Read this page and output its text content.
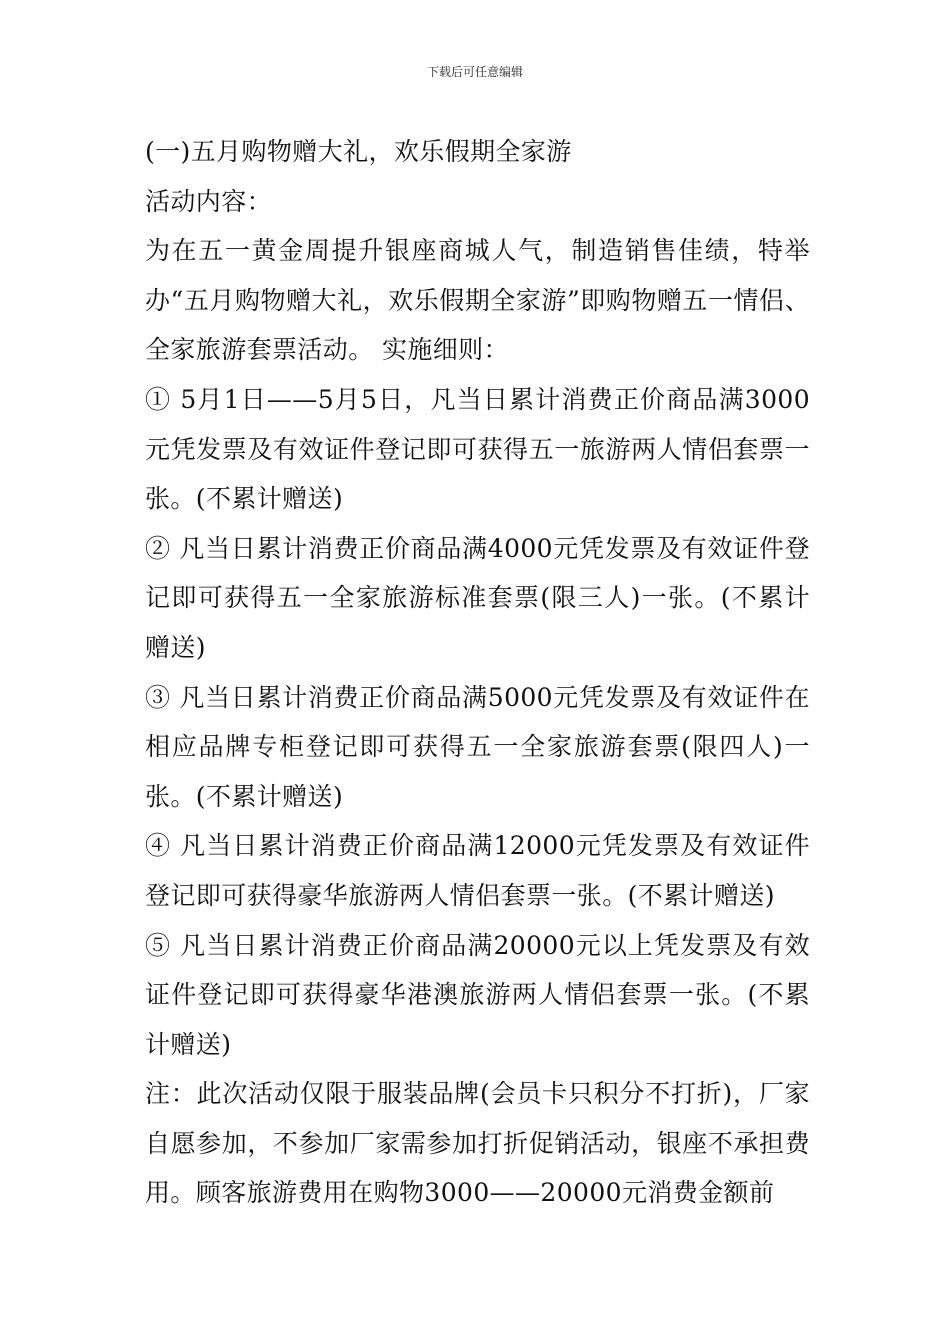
下载后可任意编辑

(一)五月购物赠大礼，欢乐假期全家游

活动内容：

为在五一黄金周提升银座商城人气，制造销售佳绩，特举办“五月购物赠大礼，欢乐假期全家游”即购物赠五一情侣、全家旅游套票活动。 实施细则：

① 5月1日——5月5日，凡当日累计消费正价商品满3000元凭发票及有效证件登记即可获得五一旅游两人情侣套票一张。(不累计赠送)

② 凡当日累计消费正价商品满4000元凭发票及有效证件登记即可获得五一全家旅游标准套票(限三人)一张。(不累计赠送)

③ 凡当日累计消费正价商品满5000元凭发票及有效证件在相应品牌专柜登记即可获得五一全家旅游套票(限四人)一张。(不累计赠送)

④ 凡当日累计消费正价商品满12000元凭发票及有效证件登记即可获得豪华旅游两人情侣套票一张。(不累计赠送)

⑤ 凡当日累计消费正价商品满20000元以上凭发票及有效证件登记即可获得豪华港澳旅游两人情侣套票一张。(不累计赠送)

注：此次活动仅限于服装品牌(会员卡只积分不打折)，厂家自愿参加，不参加厂家需参加打折促销活动，银座不承担费用。顾客旅游费用在购物3000——20000元消费金额前
